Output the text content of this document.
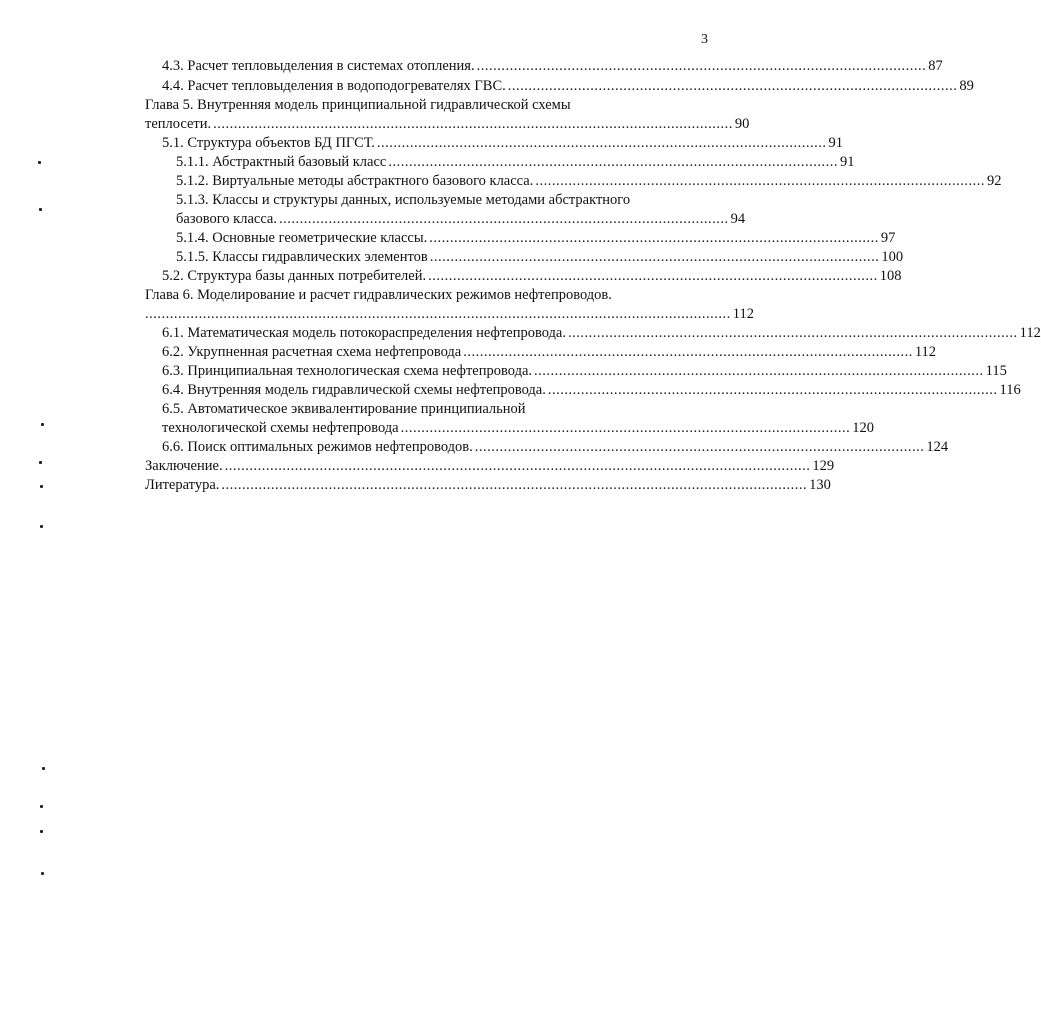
3
4.3. Расчет тепловыделения в системах отопления. ............................................................................................................. 87
4.4. Расчет тепловыделения в водоподогревателях ГВС. ............................................................................................................. 89
Глава 5. Внутренняя модель принципиальной гидравлической схемы
теплосети. .............................................................................................................................. 90
5.1. Структура объектов БД ПГСТ. ............................................................................................................. 91
5.1.1. Абстрактный базовый класс ............................................................................................................. 91
5.1.2. Виртуальные методы абстрактного базового класса. ............................................................................................................. 92
5.1.3. Классы и структуры данных, используемые методами абстрактного
базового класса. ............................................................................................................. 94
5.1.4. Основные геометрические классы. ............................................................................................................. 97
5.1.5. Классы гидравлических элементов ............................................................................................................. 100
5.2. Структура базы данных потребителей. ............................................................................................................. 108
Глава 6. Моделирование и расчет гидравлических режимов нефтепроводов.
.............................................................................................................................................. 112
6.1. Математическая модель потокораспределения нефтепровода. ............................................................................................................. 112
6.2. Укрупненная расчетная схема нефтепровода ............................................................................................................. 112
6.3. Принципиальная технологическая схема нефтепровода. ............................................................................................................. 115
6.4. Внутренняя модель гидравлической схемы нефтепровода. ............................................................................................................. 116
6.5. Автоматическое эквивалентирование принципиальной
технологической схемы нефтепровода ............................................................................................................. 120
6.6. Поиск оптимальных режимов нефтепроводов. ............................................................................................................. 124
Заключение. .............................................................................................................................................. 129
Литература. .............................................................................................................................................. 130
